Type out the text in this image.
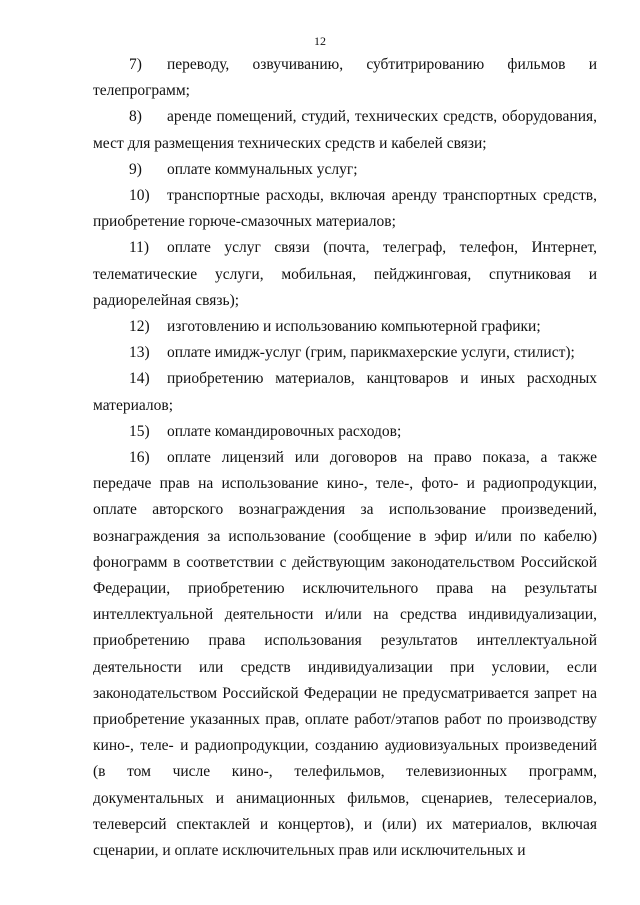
12

7) переводу, озвучиванию, субтитрированию фильмов и телепрограмм;

8) аренде помещений, студий, технических средств, оборудования, мест для размещения технических средств и кабелей связи;

9) оплате коммунальных услуг;

10) транспортные расходы, включая аренду транспортных средств, приобретение горюче-смазочных материалов;

11) оплате услуг связи (почта, телеграф, телефон, Интернет, телематические услуги, мобильная, пейджинговая, спутниковая и радиорелейная связь);

12) изготовлению и использованию компьютерной графики;

13) оплате имидж-услуг (грим, парикмахерские услуги, стилист);

14) приобретению материалов, канцтоваров и иных расходных материалов;

15) оплате командировочных расходов;

16) оплате лицензий или договоров на право показа, а также передаче прав на использование кино-, теле-, фото- и радиопродукции, оплате авторского вознаграждения за использование произведений, вознаграждения за использование (сообщение в эфир и/или по кабелю) фонограмм в соответствии с действующим законодательством Российской Федерации, приобретению исключительного права на результаты интеллектуальной деятельности и/или на средства индивидуализации, приобретению права использования результатов интеллектуальной деятельности или средств индивидуализации при условии, если законодательством Российской Федерации не предусматривается запрет на приобретение указанных прав, оплате работ/этапов работ по производству кино-, теле- и радиопродукции, созданию аудиовизуальных произведений (в том числе кино-, телефильмов, телевизионных программ, документальных и анимационных фильмов, сценариев, телесериалов, телеверсий спектаклей и концертов), и (или) их материалов, включая сценарии, и оплате исключительных прав или исключительных и
